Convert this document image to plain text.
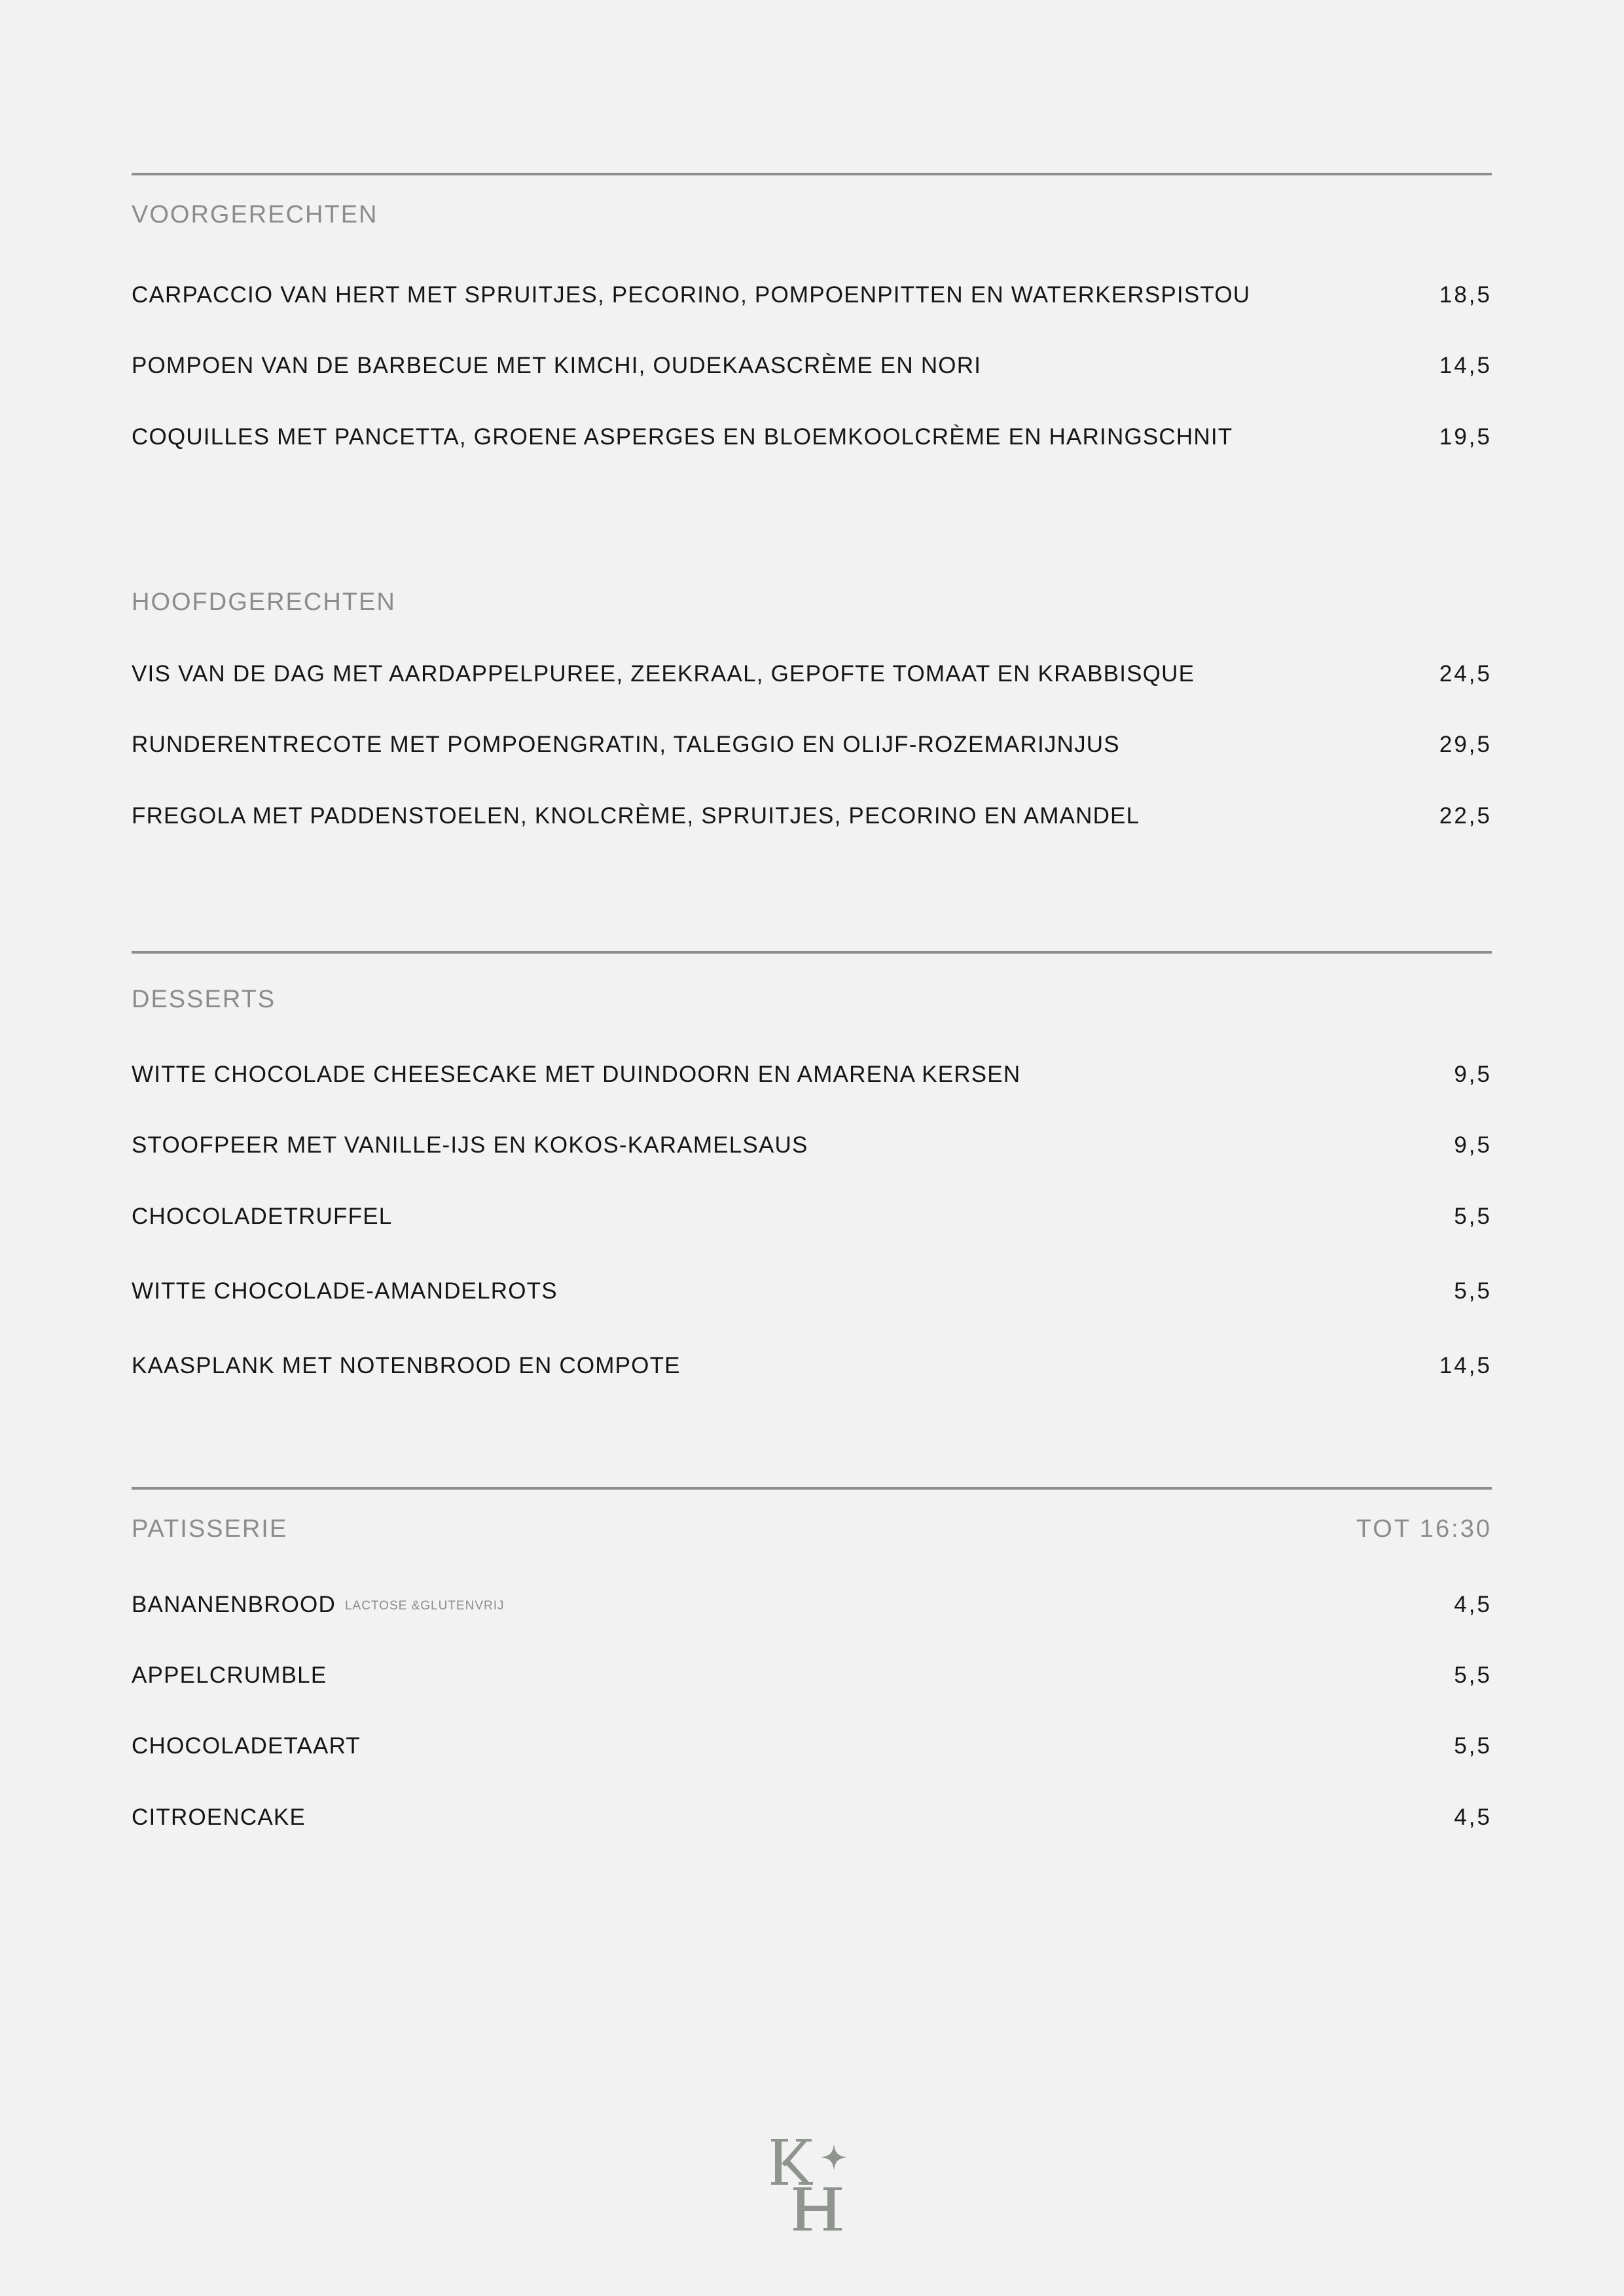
VOORGERECHTEN
CARPACCIO VAN HERT MET SPRUITJES, PECORINO, POMPOENPITTEN EN WATERKERSPISTOU	18,5
POMPOEN VAN DE BARBECUE MET KIMCHI, OUDEKAASCRÈME EN NORI	14,5
COQUILLES MET PANCETTA, GROENE ASPERGES EN BLOEMKOOLCRÈME EN HARINGSCHNIT	19,5
HOOFDGERECHTEN
VIS VAN DE DAG MET AARDAPPELPUREE, ZEEKRAAL, GEPOFTE TOMAAT EN KRABBISQUE	24,5
RUNDERENTRECOTE MET POMPOENGRATIN, TALEGGIO EN OLIJF-ROZEMARIJNJUS	29,5
FREGOLA MET PADDENSTOELEN, KNOLCRÈME, SPRUITJES, PECORINO EN AMANDEL	22,5
DESSERTS
WITTE CHOCOLADE CHEESECAKE MET DUINDOORN EN AMARENA KERSEN	9,5
STOOFPEER MET VANILLE-IJS EN KOKOS-KARAMELSAUS	9,5
CHOCOLADETRUFFEL	5,5
WITTE CHOCOLADE-AMANDELROTS	5,5
KAASPLANK MET NOTENBROOD EN COMPOTE	14,5
PATISSERIE	TOT 16:30
BANANENBROOD LACTOSE &GLUTENVRIJ	4,5
APPELCRUMBLE	5,5
CHOCOLADETAART	5,5
CITROENCAKE	4,5
